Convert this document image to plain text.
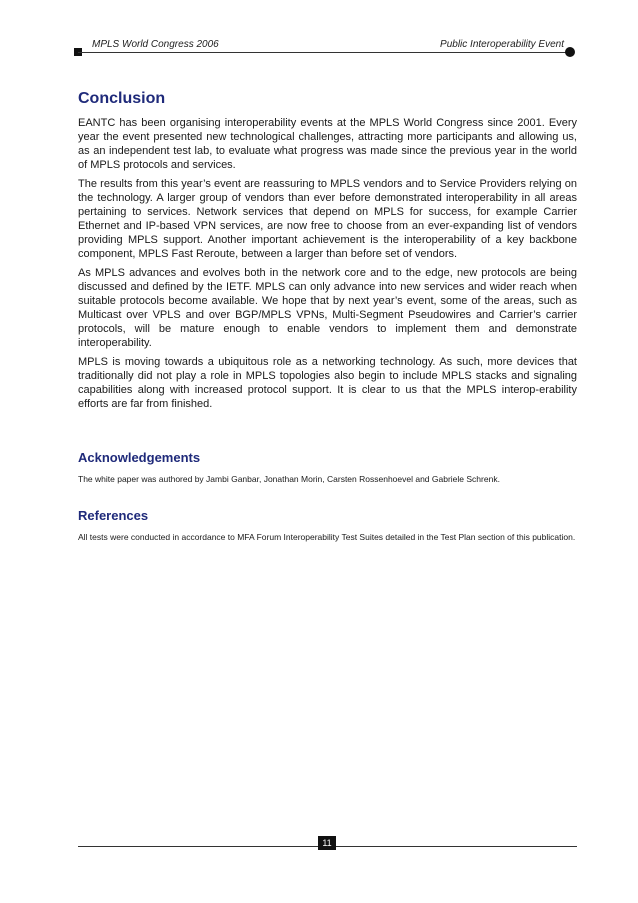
MPLS World Congress 2006	Public Interoperability Event
Conclusion

EANTC has been organising interoperability events at the MPLS World Congress since 2001. Every year the event presented new technological challenges, attracting more participants and allowing us, as an independent test lab, to evaluate what progress was made since the previous year in the world of MPLS protocols and services.

The results from this year’s event are reassuring to MPLS vendors and to Service Providers relying on the technology. A larger group of vendors than ever before demonstrated interoperability in all areas pertaining to services. Network services that depend on MPLS for success, for example Carrier Ethernet and IP-based VPN services, are now free to choose from an ever-expanding list of vendors providing MPLS support. Another important achievement is the interoperability of a key backbone component, MPLS Fast Reroute, between a larger than before set of vendors.

As MPLS advances and evolves both in the network core and to the edge, new protocols are being discussed and defined by the IETF. MPLS can only advance into new services and wider reach when suitable protocols become available. We hope that by next year’s event, some of the areas, such as Multicast over VPLS and over BGP/MPLS VPNs, Multi-Segment Pseudowires and Carrier’s carrier protocols, will be mature enough to enable vendors to implement them and demonstrate interoperability.

MPLS is moving towards a ubiquitous role as a networking technology. As such, more devices that traditionally did not play a role in MPLS topologies also begin to include MPLS stacks and signaling capabilities along with increased protocol support. It is clear to us that the MPLS interop-erability efforts are far from finished.

Acknowledgements

The white paper was authored by Jambi Ganbar, Jonathan Morin, Carsten Rossenhoevel and Gabriele Schrenk.

References

All tests were conducted in accordance to MFA Forum Interoperability Test Suites detailed in the Test Plan section of this publication.

11
